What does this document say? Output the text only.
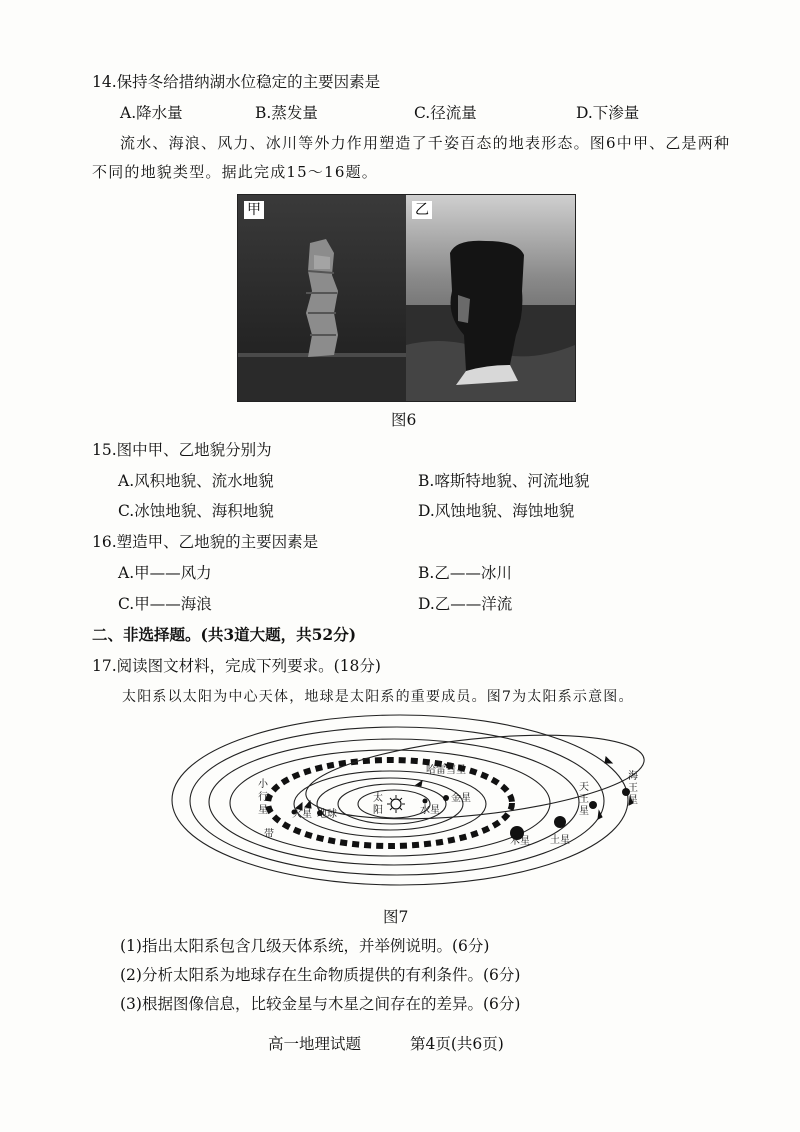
14.保持冬给措纳湖水位稳定的主要因素是
A.降水量	B.蒸发量	C.径流量	D.下渗量
流水、海浪、风力、冰川等外力作用塑造了千姿百态的地表形态。图6中甲、乙是两种
不同的地貌类型。据此完成15～16题。
甲	乙
图6
15.图中甲、乙地貌分别为
A.风积地貌、流水地貌	B.喀斯特地貌、河流地貌
C.冰蚀地貌、海积地貌	D.风蚀地貌、海蚀地貌
16.塑造甲、乙地貌的主要因素是
A.甲——风力	B.乙——冰川
C.甲——海浪	D.乙——洋流
二、非选择题。(共3道大题，共52分)
17.阅读图文材料，完成下列要求。(18分)
太阳系以太阳为中心天体，地球是太阳系的重要成员。图7为太阳系示意图。
太
阳	水星
金星
地球
火星
木星 土星
天
王
星
海
王
星
哈雷彗星
小
行
星
带
图7
(1)指出太阳系包含几级天体系统，并举例说明。(6分)
(2)分析太阳系为地球存在生命物质提供的有利条件。(6分)
(3)根据图像信息，比较金星与木星之间存在的差异。(6分)
高一地理试题	第4页(共6页)
